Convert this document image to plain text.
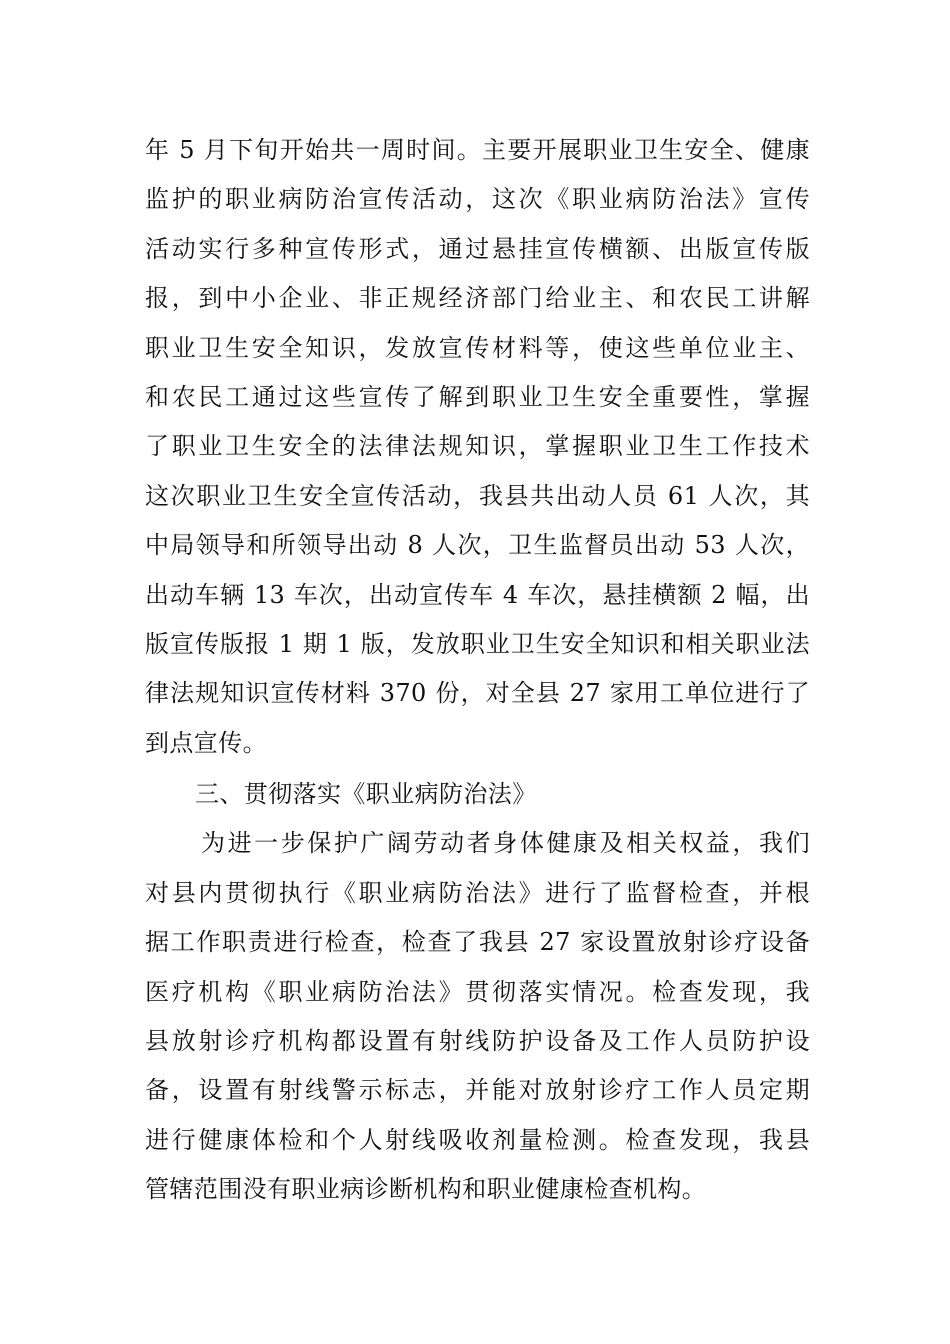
年 5 月下旬开始共一周时间。主要开展职业卫生安全、健康
监护的职业病防治宣传活动，这次《职业病防治法》宣传
活动实行多种宣传形式，通过悬挂宣传横额、出版宣传版
报，到中小企业、非正规经济部门给业主、和农民工讲解
职业卫生安全知识，发放宣传材料等，使这些单位业主、
和农民工通过这些宣传了解到职业卫生安全重要性，掌握
了职业卫生安全的法律法规知识，掌握职业卫生工作技术
这次职业卫生安全宣传活动，我县共出动人员 61 人次，其
中局领导和所领导出动 8 人次，卫生监督员出动 53 人次，
出动车辆 13 车次，出动宣传车 4 车次，悬挂横额 2 幅，出
版宣传版报 1 期 1 版，发放职业卫生安全知识和相关职业法
律法规知识宣传材料 370 份，对全县 27 家用工单位进行了
到点宣传。
三、贯彻落实《职业病防治法》
为进一步保护广阔劳动者身体健康及相关权益，我们
对县内贯彻执行《职业病防治法》进行了监督检查，并根
据工作职责进行检查，检查了我县 27 家设置放射诊疗设备
医疗机构《职业病防治法》贯彻落实情况。检查发现，我
县放射诊疗机构都设置有射线防护设备及工作人员防护设
备，设置有射线警示标志，并能对放射诊疗工作人员定期
进行健康体检和个人射线吸收剂量检测。检查发现，我县
管辖范围没有职业病诊断机构和职业健康检查机构。
